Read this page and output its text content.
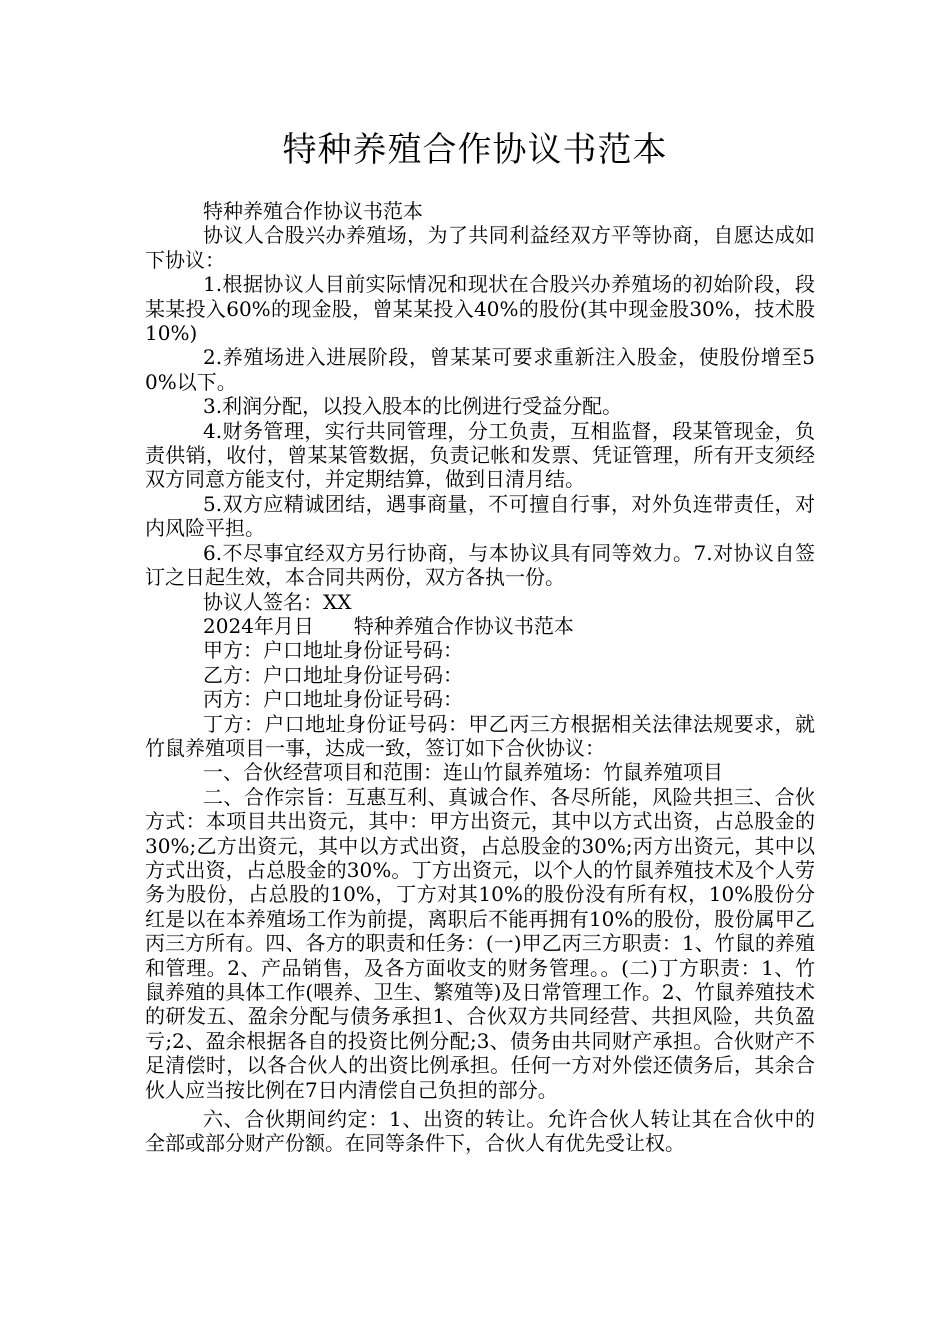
特种养殖合作协议书范本

特种养殖合作协议书范本

协议人合股兴办养殖场，为了共同利益经双方平等协商，自愿达成如下协议：

1.根据协议人目前实际情况和现状在合股兴办养殖场的初始阶段，段某某投入60%的现金股，曾某某投入40%的股份(其中现金股30%，技术股10%)

2.养殖场进入进展阶段，曾某某可要求重新注入股金，使股份增至50%以下。

3.利润分配，以投入股本的比例进行受益分配。

4.财务管理，实行共同管理，分工负责，互相监督，段某管现金，负责供销，收付，曾某某管数据，负责记帐和发票、凭证管理，所有开支须经双方同意方能支付，并定期结算，做到日清月结。

5.双方应精诚团结，遇事商量，不可擅自行事，对外负连带责任，对内风险平担。

6.不尽事宜经双方另行协商，与本协议具有同等效力。7.对协议自签订之日起生效，本合同共两份，双方各执一份。

协议人签名：XX

2024年月日　　特种养殖合作协议书范本

甲方：户口地址身份证号码：

乙方：户口地址身份证号码：

丙方：户口地址身份证号码：

丁方：户口地址身份证号码：甲乙丙三方根据相关法律法规要求，就竹鼠养殖项目一事，达成一致，签订如下合伙协议：

一、合伙经营项目和范围：连山竹鼠养殖场：竹鼠养殖项目

二、合作宗旨：互惠互利、真诚合作、各尽所能，风险共担三、合伙方式：本项目共出资元，其中：甲方出资元，其中以方式出资，占总股金的30%;乙方出资元，其中以方式出资，占总股金的30%;丙方出资元，其中以方式出资，占总股金的30%。丁方出资元，以个人的竹鼠养殖技术及个人劳务为股份，占总股的10%，丁方对其10%的股份没有所有权，10%股份分红是以在本养殖场工作为前提，离职后不能再拥有10%的股份，股份属甲乙丙三方所有。四、各方的职责和任务：(一)甲乙丙三方职责：1、竹鼠的养殖和管理。2、产品销售，及各方面收支的财务管理。。(二)丁方职责：1、竹鼠养殖的具体工作(喂养、卫生、繁殖等)及日常管理工作。2、竹鼠养殖技术的研发五、盈余分配与债务承担1、合伙双方共同经营、共担风险，共负盈亏;2、盈余根据各自的投资比例分配;3、债务由共同财产承担。合伙财产不足清偿时，以各合伙人的出资比例承担。任何一方对外偿还债务后，其余合伙人应当按比例在7日内清偿自己负担的部分。

六、合伙期间约定：1、出资的转让。允许合伙人转让其在合伙中的全部或部分财产份额。在同等条件下，合伙人有优先受让权。
